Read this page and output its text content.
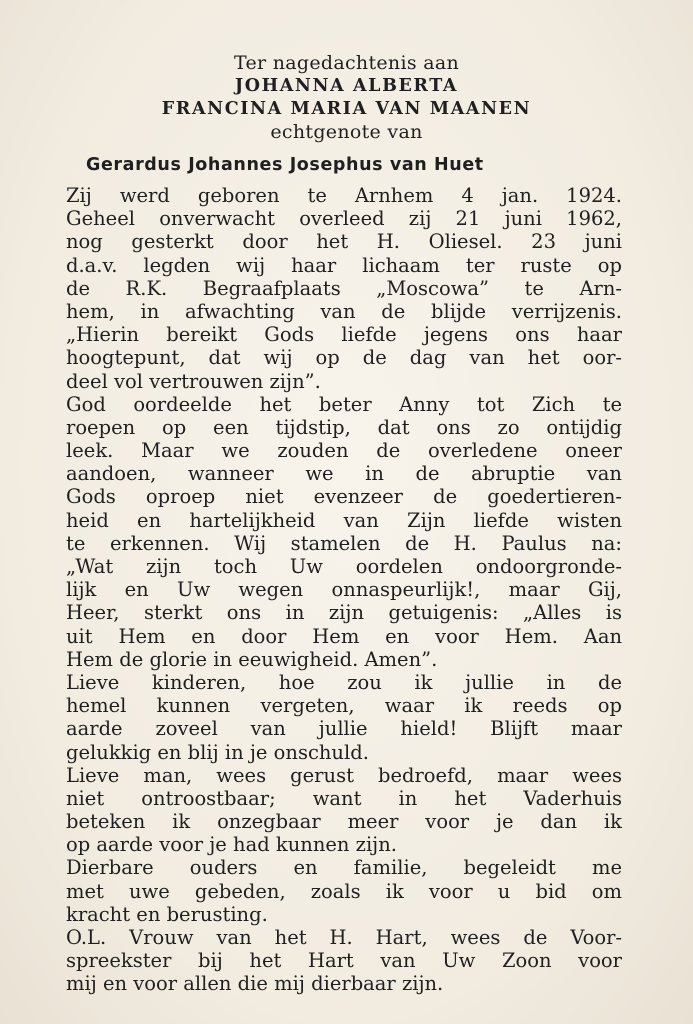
Ter nagedachtenis aan
JOHANNA ALBERTA
FRANCINA MARIA VAN MAANEN
echtgenote van
Gerardus Johannes Josephus van Huet
Zij werd geboren te Arnhem 4 jan. 1924.
Geheel onverwacht overleed zij 21 juni 1962,
nog gesterkt door het H. Oliesel. 23 juni
d.a.v. legden wij haar lichaam ter ruste op
de R.K. Begraafplaats „Moscowa” te Arn-
hem, in afwachting van de blijde verrijzenis.
„Hierin bereikt Gods liefde jegens ons haar
hoogtepunt, dat wij op de dag van het oor-
deel vol vertrouwen zijn”.
God oordeelde het beter Anny tot Zich te
roepen op een tijdstip, dat ons zo ontijdig
leek. Maar we zouden de overledene oneer
aandoen, wanneer we in de abruptie van
Gods oproep niet evenzeer de goedertieren-
heid en hartelijkheid van Zijn liefde wisten
te erkennen. Wij stamelen de H. Paulus na:
„Wat zijn toch Uw oordelen ondoorgronde-
lijk en Uw wegen onnaspeurlijk!, maar Gij,
Heer, sterkt ons in zijn getuigenis: „Alles is
uit Hem en door Hem en voor Hem. Aan
Hem de glorie in eeuwigheid. Amen”.
Lieve kinderen, hoe zou ik jullie in de
hemel kunnen vergeten, waar ik reeds op
aarde zoveel van jullie hield! Blijft maar
gelukkig en blij in je onschuld.
Lieve man, wees gerust bedroefd, maar wees
niet ontroostbaar; want in het Vaderhuis
beteken ik onzegbaar meer voor je dan ik
op aarde voor je had kunnen zijn.
Dierbare ouders en familie, begeleidt me
met uwe gebeden, zoals ik voor u bid om
kracht en berusting.
O.L. Vrouw van het H. Hart, wees de Voor-
spreekster bij het Hart van Uw Zoon voor
mij en voor allen die mij dierbaar zijn.
